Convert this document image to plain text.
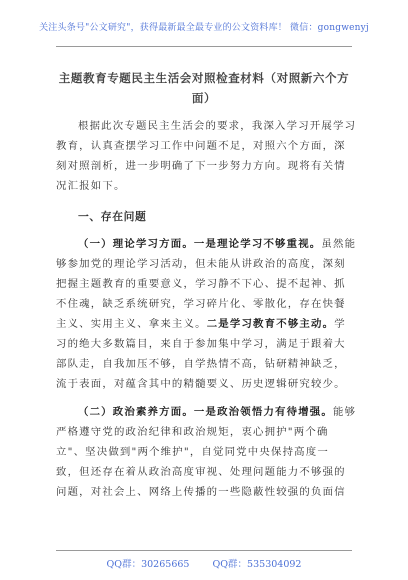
关注头条号"公文研究"，获得最新最全最专业的公文资料库！ 微信：gongwenyj
主题教育专题民主生活会对照检查材料（对照新六个方
面）
根据此次专题民主生活会的要求，我深入学习开展学习
教育，认真查摆学习工作中问题不足，对照六个方面，深
刻对照剖析，进一步明确了下一步努力方向。现将有关情
况汇报如下。
一、存在问题
（一）理论学习方面。一是理论学习不够重视。虽然能
够参加党的理论学习活动，但未能从讲政治的高度，深刻
把握主题教育的重要意义，学习静不下心、提不起神、抓
不住魂，缺乏系统研究，学习碎片化、零散化，存在快餐
主义、实用主义、拿来主义。二是学习教育不够主动。学
习的绝大多数篇目，来自于参加集中学习，满足于跟着大
部队走，自我加压不够，自学热情不高，钻研精神缺乏，
流于表面，对蕴含其中的精髓要义、历史逻辑研究较少。
（二）政治素养方面。一是政治领悟力有待增强。能够
严格遵守党的政治纪律和政治规矩，衷心拥护"两个确
立"、坚决做到"两个维护"，自觉同党中央保持高度一
致，但还存在着从政治高度审视、处理问题能力不够强的
问题，对社会上、网络上传播的一些隐蔽性较强的负面信
QQ群：30265665 QQ群：535304092
